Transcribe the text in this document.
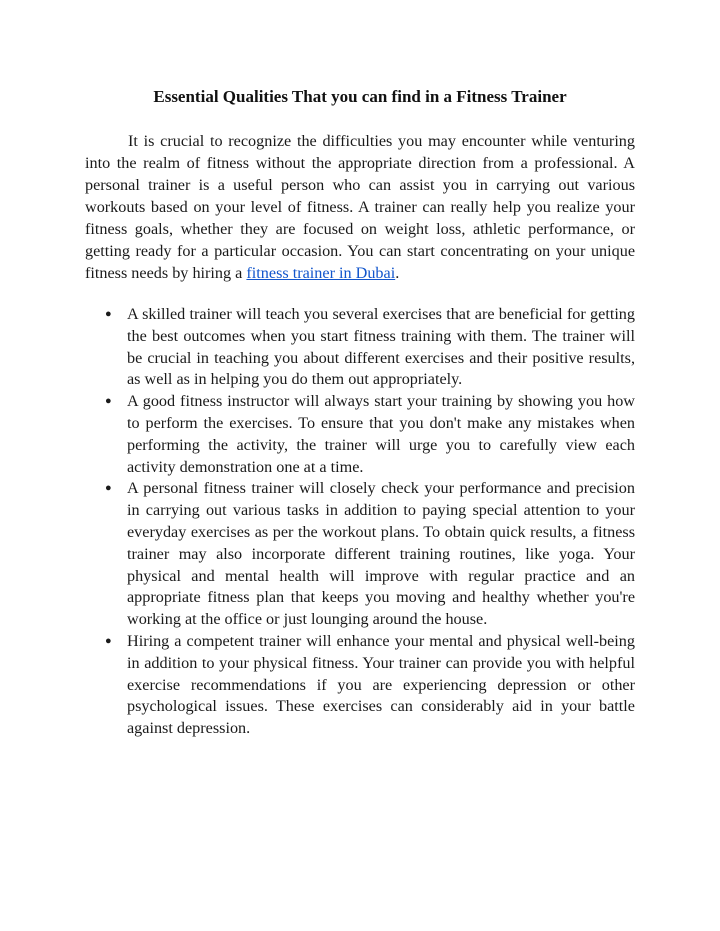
Essential Qualities That you can find in a Fitness Trainer

It is crucial to recognize the difficulties you may encounter while venturing into the realm of fitness without the appropriate direction from a professional. A personal trainer is a useful person who can assist you in carrying out various workouts based on your level of fitness. A trainer can really help you realize your fitness goals, whether they are focused on weight loss, athletic performance, or getting ready for a particular occasion. You can start concentrating on your unique fitness needs by hiring a fitness trainer in Dubai.

● A skilled trainer will teach you several exercises that are beneficial for getting the best outcomes when you start fitness training with them. The trainer will be crucial in teaching you about different exercises and their positive results, as well as in helping you do them out appropriately.
● A good fitness instructor will always start your training by showing you how to perform the exercises. To ensure that you don't make any mistakes when performing the activity, the trainer will urge you to carefully view each activity demonstration one at a time.
● A personal fitness trainer will closely check your performance and precision in carrying out various tasks in addition to paying special attention to your everyday exercises as per the workout plans. To obtain quick results, a fitness trainer may also incorporate different training routines, like yoga. Your physical and mental health will improve with regular practice and an appropriate fitness plan that keeps you moving and healthy whether you're working at the office or just lounging around the house.
● Hiring a competent trainer will enhance your mental and physical well-being in addition to your physical fitness. Your trainer can provide you with helpful exercise recommendations if you are experiencing depression or other psychological issues. These exercises can considerably aid in your battle against depression.
